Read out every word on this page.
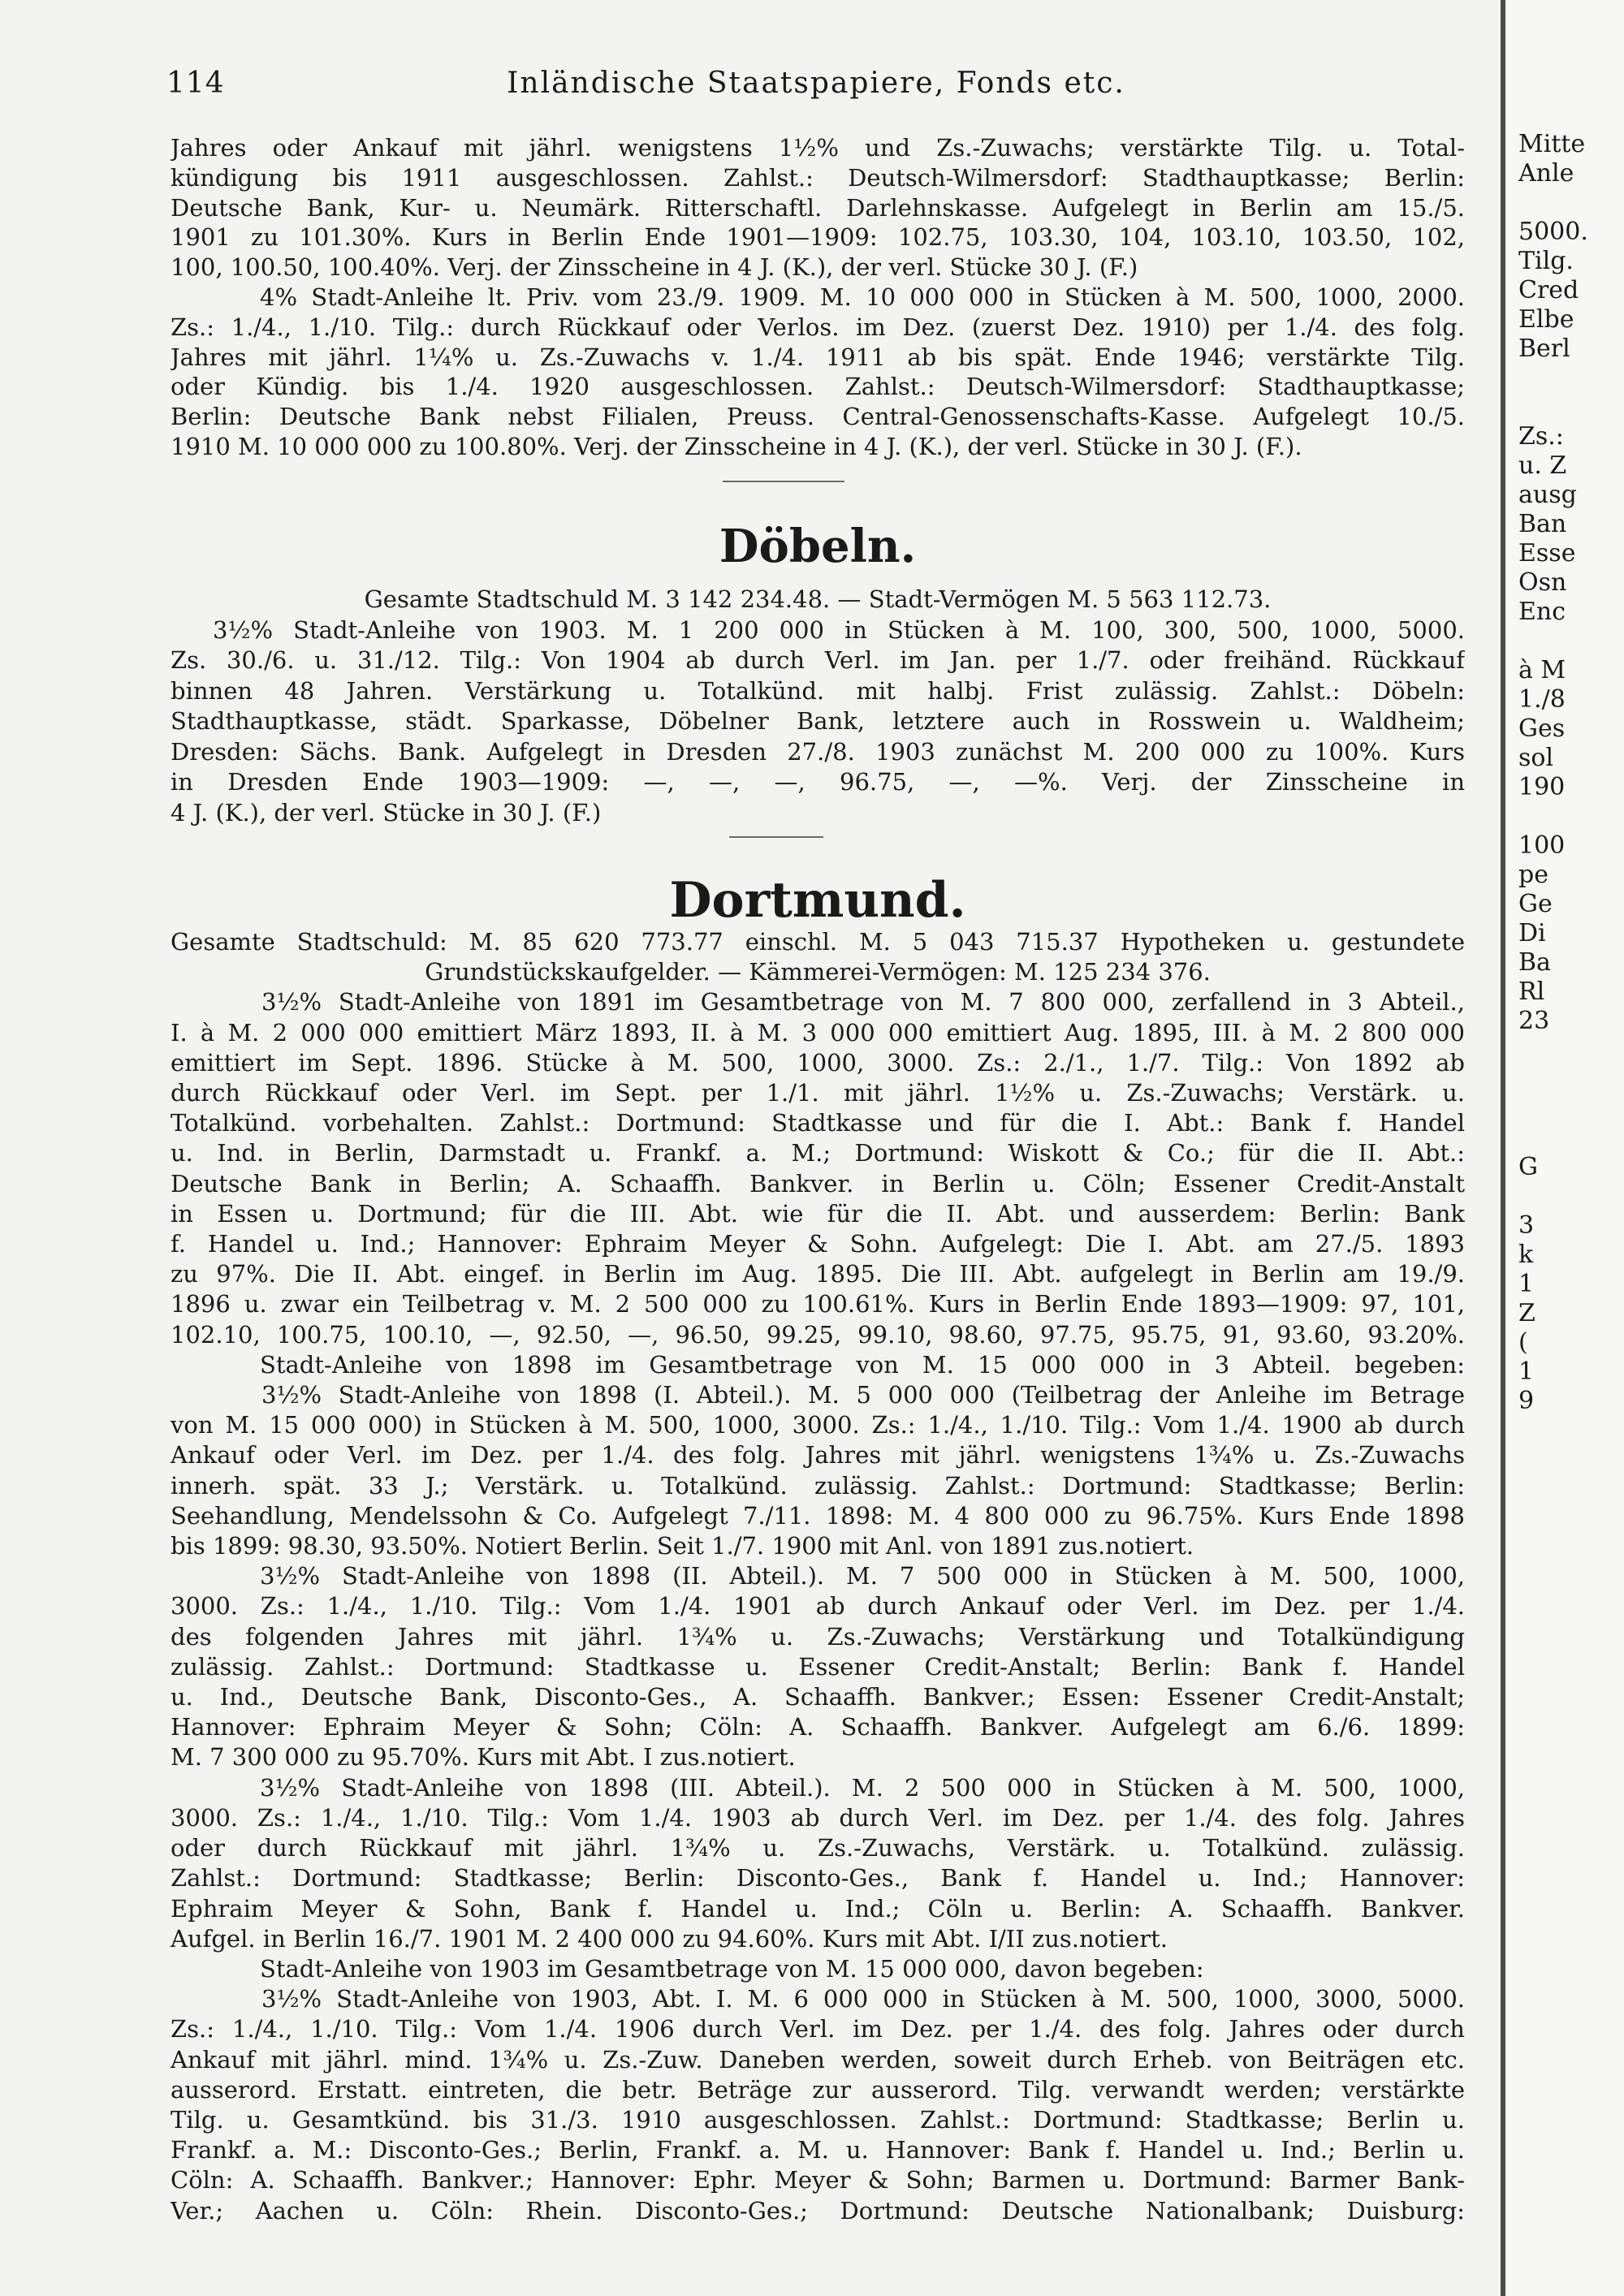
Mitte
Anle
5000.
Tilg.
Cred
Elbe
Berl
Zs.:
u. Z
ausg
Ban
Esse
Osn
Enc
à M
1./8
Ges
sol
190
100
pe
Ge
Di
Ba
Rl
23
G
3
k
1
Z
(
1
9
114	Inländische Staatspapiere, Fonds etc.
Jahres oder Ankauf mit jährl. wenigstens 1½% und Zs.-Zuwachs; verstärkte Tilg. u. Total-
kündigung bis 1911 ausgeschlossen. Zahlst.: Deutsch-Wilmersdorf: Stadthauptkasse; Berlin:
Deutsche Bank, Kur- u. Neumärk. Ritterschaftl. Darlehnskasse. Aufgelegt in Berlin am 15./5.
1901 zu 101.30%. Kurs in Berlin Ende 1901—1909: 102.75, 103.30, 104, 103.10, 103.50, 102,
100, 100.50, 100.40%. Verj. der Zinsscheine in 4 J. (K.), der verl. Stücke 30 J. (F.)
4% Stadt-Anleihe lt. Priv. vom 23./9. 1909. M. 10 000 000 in Stücken à M. 500, 1000, 2000.
Zs.: 1./4., 1./10. Tilg.: durch Rückkauf oder Verlos. im Dez. (zuerst Dez. 1910) per 1./4. des folg.
Jahres mit jährl. 1¼% u. Zs.-Zuwachs v. 1./4. 1911 ab bis spät. Ende 1946; verstärkte Tilg.
oder Kündig. bis 1./4. 1920 ausgeschlossen. Zahlst.: Deutsch-Wilmersdorf: Stadthauptkasse;
Berlin: Deutsche Bank nebst Filialen, Preuss. Central-Genossenschafts-Kasse. Aufgelegt 10./5.
1910 M. 10 000 000 zu 100.80%. Verj. der Zinsscheine in 4 J. (K.), der verl. Stücke in 30 J. (F.).
Döbeln.
Gesamte Stadtschuld M. 3 142 234.48. — Stadt-Vermögen M. 5 563 112.73.
3½% Stadt-Anleihe von 1903. M. 1 200 000 in Stücken à M. 100, 300, 500, 1000, 5000.
Zs. 30./6. u. 31./12. Tilg.: Von 1904 ab durch Verl. im Jan. per 1./7. oder freihänd. Rückkauf
binnen 48 Jahren. Verstärkung u. Totalkünd. mit halbj. Frist zulässig. Zahlst.: Döbeln:
Stadthauptkasse, städt. Sparkasse, Döbelner Bank, letztere auch in Rosswein u. Waldheim;
Dresden: Sächs. Bank. Aufgelegt in Dresden 27./8. 1903 zunächst M. 200 000 zu 100%. Kurs
in Dresden Ende 1903—1909: —, —, —, 96.75, —, —%. Verj. der Zinsscheine in
4 J. (K.), der verl. Stücke in 30 J. (F.)
Dortmund.
Gesamte Stadtschuld: M. 85 620 773.77 einschl. M. 5 043 715.37 Hypotheken u. gestundete
Grundstückskaufgelder. — Kämmerei-Vermögen: M. 125 234 376.
3½% Stadt-Anleihe von 1891 im Gesamtbetrage von M. 7 800 000, zerfallend in 3 Abteil.,
I. à M. 2 000 000 emittiert März 1893, II. à M. 3 000 000 emittiert Aug. 1895, III. à M. 2 800 000
emittiert im Sept. 1896. Stücke à M. 500, 1000, 3000. Zs.: 2./1., 1./7. Tilg.: Von 1892 ab
durch Rückkauf oder Verl. im Sept. per 1./1. mit jährl. 1½% u. Zs.-Zuwachs; Verstärk. u.
Totalkünd. vorbehalten. Zahlst.: Dortmund: Stadtkasse und für die I. Abt.: Bank f. Handel
u. Ind. in Berlin, Darmstadt u. Frankf. a. M.; Dortmund: Wiskott & Co.; für die II. Abt.:
Deutsche Bank in Berlin; A. Schaaffh. Bankver. in Berlin u. Cöln; Essener Credit-Anstalt
in Essen u. Dortmund; für die III. Abt. wie für die II. Abt. und ausserdem: Berlin: Bank
f. Handel u. Ind.; Hannover: Ephraim Meyer & Sohn. Aufgelegt: Die I. Abt. am 27./5. 1893
zu 97%. Die II. Abt. eingef. in Berlin im Aug. 1895. Die III. Abt. aufgelegt in Berlin am 19./9.
1896 u. zwar ein Teilbetrag v. M. 2 500 000 zu 100.61%. Kurs in Berlin Ende 1893—1909: 97, 101,
102.10, 100.75, 100.10, —, 92.50, —, 96.50, 99.25, 99.10, 98.60, 97.75, 95.75, 91, 93.60, 93.20%.
Stadt-Anleihe von 1898 im Gesamtbetrage von M. 15 000 000 in 3 Abteil. begeben:
3½% Stadt-Anleihe von 1898 (I. Abteil.). M. 5 000 000 (Teilbetrag der Anleihe im Betrage
von M. 15 000 000) in Stücken à M. 500, 1000, 3000. Zs.: 1./4., 1./10. Tilg.: Vom 1./4. 1900 ab durch
Ankauf oder Verl. im Dez. per 1./4. des folg. Jahres mit jährl. wenigstens 1¾% u. Zs.-Zuwachs
innerh. spät. 33 J.; Verstärk. u. Totalkünd. zulässig. Zahlst.: Dortmund: Stadtkasse; Berlin:
Seehandlung, Mendelssohn & Co. Aufgelegt 7./11. 1898: M. 4 800 000 zu 96.75%. Kurs Ende 1898
bis 1899: 98.30, 93.50%. Notiert Berlin. Seit 1./7. 1900 mit Anl. von 1891 zus.notiert.
3½% Stadt-Anleihe von 1898 (II. Abteil.). M. 7 500 000 in Stücken à M. 500, 1000,
3000. Zs.: 1./4., 1./10. Tilg.: Vom 1./4. 1901 ab durch Ankauf oder Verl. im Dez. per 1./4.
des folgenden Jahres mit jährl. 1¾% u. Zs.-Zuwachs; Verstärkung und Totalkündigung
zulässig. Zahlst.: Dortmund: Stadtkasse u. Essener Credit-Anstalt; Berlin: Bank f. Handel
u. Ind., Deutsche Bank, Disconto-Ges., A. Schaaffh. Bankver.; Essen: Essener Credit-Anstalt;
Hannover: Ephraim Meyer & Sohn; Cöln: A. Schaaffh. Bankver. Aufgelegt am 6./6. 1899:
M. 7 300 000 zu 95.70%. Kurs mit Abt. I zus.notiert.
3½% Stadt-Anleihe von 1898 (III. Abteil.). M. 2 500 000 in Stücken à M. 500, 1000,
3000. Zs.: 1./4., 1./10. Tilg.: Vom 1./4. 1903 ab durch Verl. im Dez. per 1./4. des folg. Jahres
oder durch Rückkauf mit jährl. 1¾% u. Zs.-Zuwachs, Verstärk. u. Totalkünd. zulässig.
Zahlst.: Dortmund: Stadtkasse; Berlin: Disconto-Ges., Bank f. Handel u. Ind.; Hannover:
Ephraim Meyer & Sohn, Bank f. Handel u. Ind.; Cöln u. Berlin: A. Schaaffh. Bankver.
Aufgel. in Berlin 16./7. 1901 M. 2 400 000 zu 94.60%. Kurs mit Abt. I/II zus.notiert.
Stadt-Anleihe von 1903 im Gesamtbetrage von M. 15 000 000, davon begeben:
3½% Stadt-Anleihe von 1903, Abt. I. M. 6 000 000 in Stücken à M. 500, 1000, 3000, 5000.
Zs.: 1./4., 1./10. Tilg.: Vom 1./4. 1906 durch Verl. im Dez. per 1./4. des folg. Jahres oder durch
Ankauf mit jährl. mind. 1¾% u. Zs.-Zuw. Daneben werden, soweit durch Erheb. von Beiträgen etc.
ausserord. Erstatt. eintreten, die betr. Beträge zur ausserord. Tilg. verwandt werden; verstärkte
Tilg. u. Gesamtkünd. bis 31./3. 1910 ausgeschlossen. Zahlst.: Dortmund: Stadtkasse; Berlin u.
Frankf. a. M.: Disconto-Ges.; Berlin, Frankf. a. M. u. Hannover: Bank f. Handel u. Ind.; Berlin u.
Cöln: A. Schaaffh. Bankver.; Hannover: Ephr. Meyer & Sohn; Barmen u. Dortmund: Barmer Bank-
Ver.; Aachen u. Cöln: Rhein. Disconto-Ges.; Dortmund: Deutsche Nationalbank; Duisburg:
